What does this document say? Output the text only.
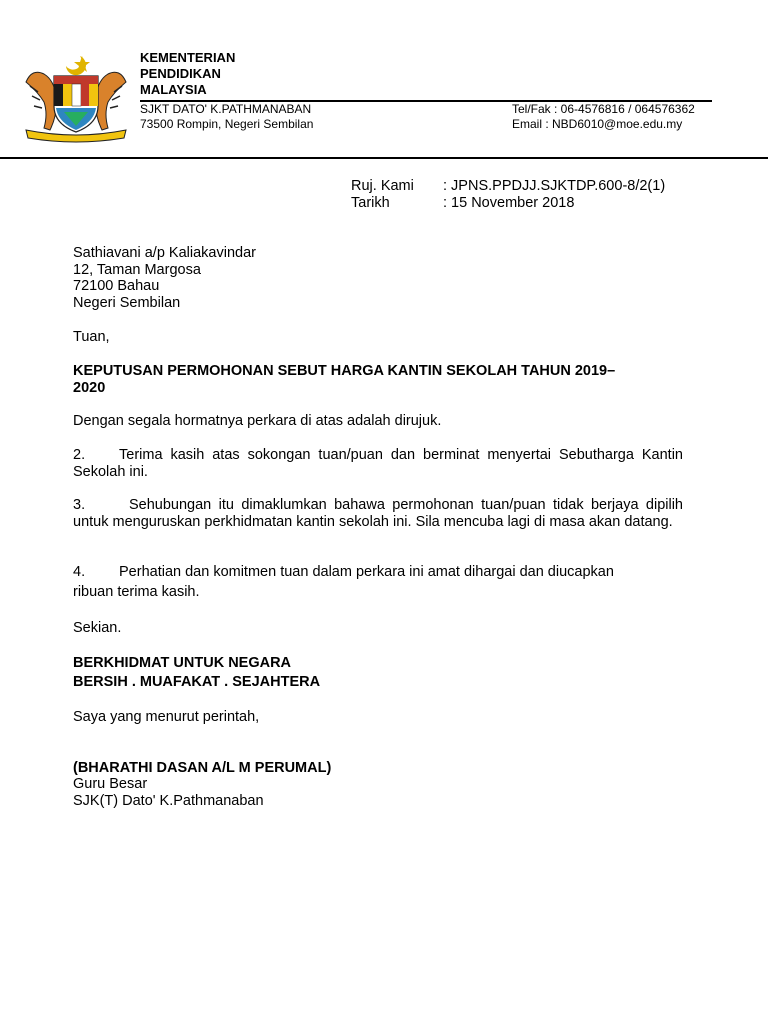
KEMENTERIAN
PENDIDIKAN
MALAYSIA
SJKT DATO' K.PATHMANABAN
73500 Rompin, Negeri Sembilan
Tel/Fak : 06-4576816 / 064576362
Email : NBD6010@moe.edu.my
Ruj. Kami : JPNS.PPDJJ.SJKTDP.600-8/2(1)
Tarikh	: 15 November 2018
Sathiavani a/p Kaliakavindar
12, Taman Margosa
72100 Bahau
Negeri Sembilan
Tuan,
KEPUTUSAN PERMOHONAN SEBUT HARGA KANTIN SEKOLAH TAHUN 2019–
2020
Dengan segala hormatnya perkara di atas adalah dirujuk.
2. Terima kasih atas sokongan tuan/puan dan berminat menyertai Sebutharga Kantin Sekolah ini.
3.	Sehubungan itu dimaklumkan bahawa permohonan tuan/puan tidak berjaya dipilih untuk menguruskan perkhidmatan kantin sekolah ini. Sila mencuba lagi di masa akan datang.
4. Perhatian dan komitmen tuan dalam perkara ini amat dihargai dan diucapkan
ribuan terima kasih.
Sekian.
BERKHIDMAT UNTUK NEGARA
BERSIH . MUAFAKAT . SEJAHTERA
Saya yang menurut perintah,
(BHARATHI DASAN A/L M PERUMAL)
Guru Besar
SJK(T) Dato' K.Pathmanaban
